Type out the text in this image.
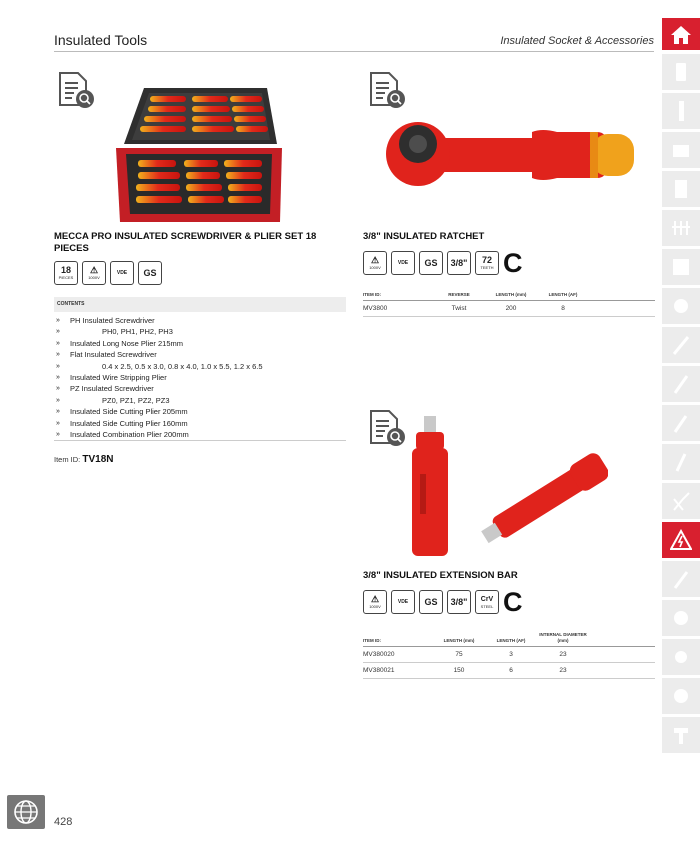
Insulated Tools	Insulated Socket & Accessories
MECCA PRO INSULATED SCREWDRIVER & PLIER SET 18
PIECES
18
PIECES
⚠
1000V
VDE GS
CONTENTS
»	PH Insulated Screwdriver
»	PH0, PH1, PH2, PH3
»	Insulated Long Nose Plier 215mm
»	Flat Insulated Screwdriver
»	0.4 x 2.5, 0.5 x 3.0, 0.8 x 4.0, 1.0 x 5.5, 1.2 x 6.5
»	Insulated Wire Stripping Plier
»	PZ Insulated Screwdriver
»	PZ0, PZ1, PZ2, PZ3
»	Insulated Side Cutting Plier 205mm
»	Insulated Side Cutting Plier 160mm
»	Insulated Combination Plier 200mm
Item ID: TV18N
3/8" INSULATED RATCHET
⚠
1000V
VDE GS 3/8" 72
TEETH C
ITEM ID:	REVERSE	LENGTH (mm)	LENGTH (AF)	
MV3800	Twist	200	8	
3/8" INSULATED EXTENSION BAR
⚠
1000V
VDE GS 3/8" CrV
STEEL C
ITEM ID:	LENGTH (mm)	LENGTH (AF)	INTERNAL DIAMETER (mm)	
MV380020	75	3	23	
MV380021	150	6	23	
428
